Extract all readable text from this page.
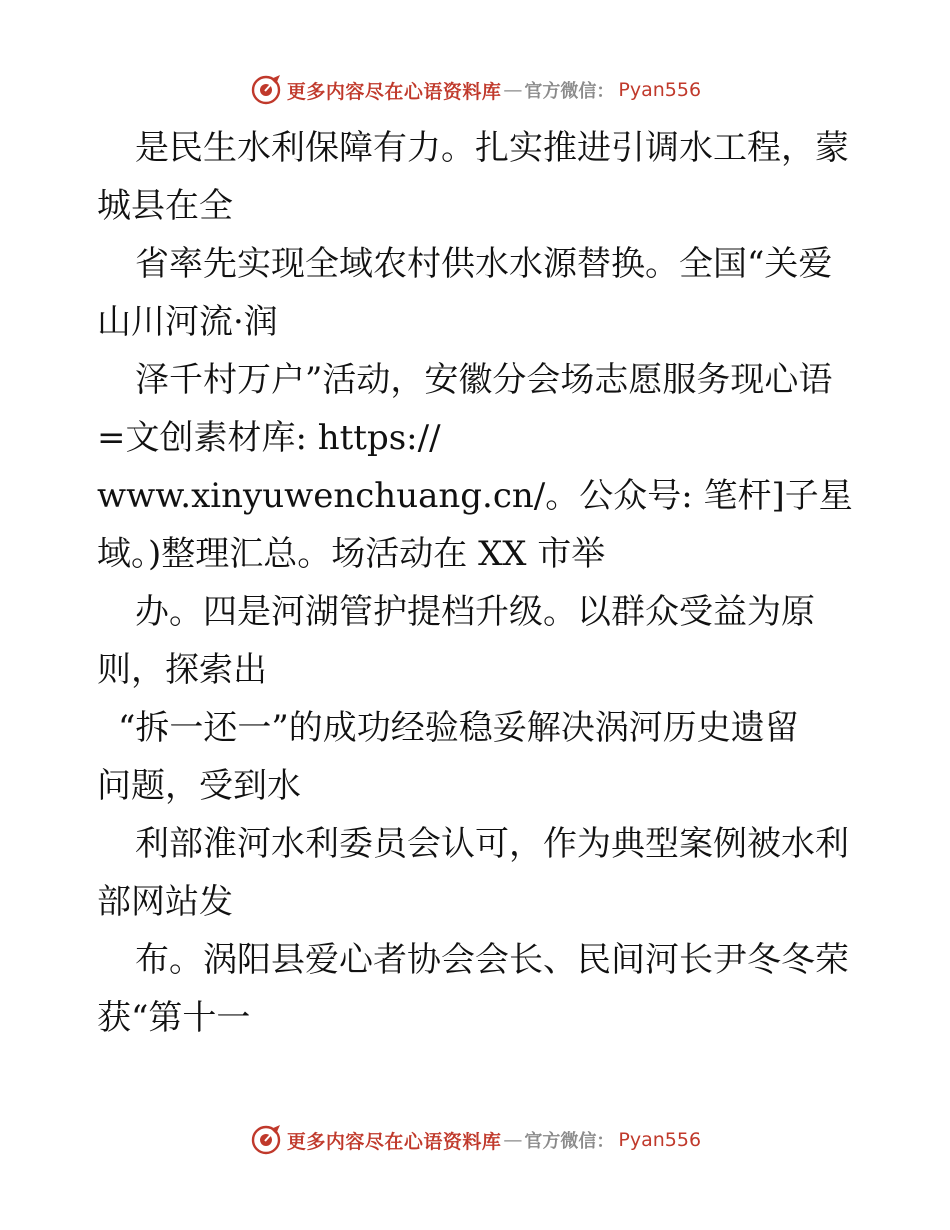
更多内容尽在心语资料库 — 官方微信： Pyan556
是民生水利保障有力。扎实推进引调水工程，蒙
城县在全
省率先实现全域农村供水水源替换。全国“关爱
山川河流·润
泽千村万户”活动，安徽分会场志愿服务现心语
=文创素材库: https://
www.xinyuwenchuang.cn/。公众号: 笔杆]子星
域。)整理汇总。场活动在 XX 市举
办。四是河湖管护提档升级。以群众受益为原
则，探索出
“拆一还一”的成功经验稳妥解决涡河历史遗留
问题，受到水
利部淮河水利委员会认可，作为典型案例被水利
部网站发
布。涡阳县爱心者协会会长、民间河长尹冬冬荣
获“第十一
更多内容尽在心语资料库 — 官方微信： Pyan556
